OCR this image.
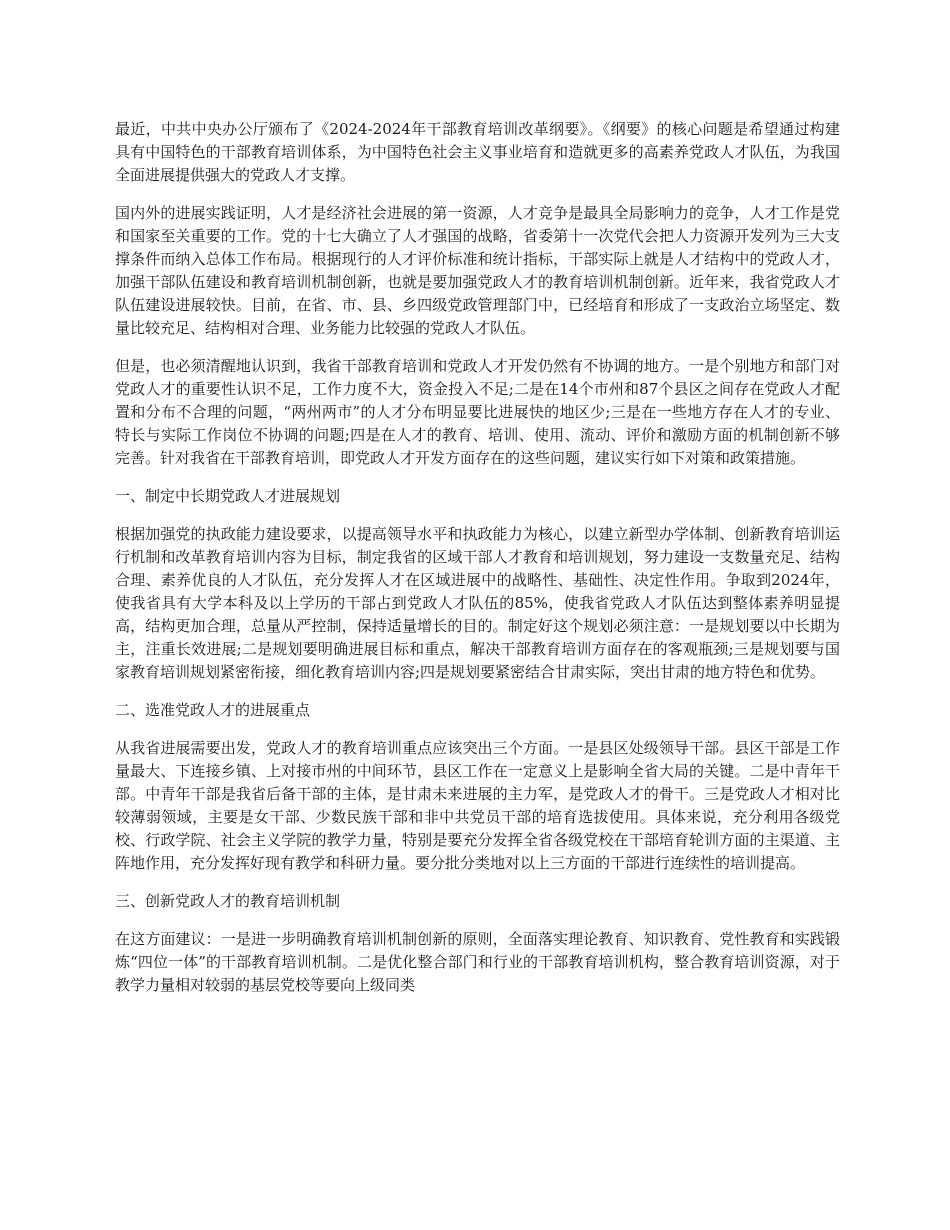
最近，中共中央办公厅颁布了《2024-2024年干部教育培训改革纲要》。《纲要》的核心问题是希望通过构建具有中国特色的干部教育培训体系，为中国特色社会主义事业培育和造就更多的高素养党政人才队伍，为我国全面进展提供强大的党政人才支撑。

国内外的进展实践证明，人才是经济社会进展的第一资源，人才竞争是最具全局影响力的竞争，人才工作是党和国家至关重要的工作。党的十七大确立了人才强国的战略，省委第十一次党代会把人力资源开发列为三大支撑条件而纳入总体工作布局。根据现行的人才评价标准和统计指标，干部实际上就是人才结构中的党政人才，加强干部队伍建设和教育培训机制创新，也就是要加强党政人才的教育培训机制创新。近年来，我省党政人才队伍建设进展较快。目前，在省、市、县、乡四级党政管理部门中，已经培育和形成了一支政治立场坚定、数量比较充足、结构相对合理、业务能力比较强的党政人才队伍。

但是，也必须清醒地认识到，我省干部教育培训和党政人才开发仍然有不协调的地方。一是个别地方和部门对党政人才的重要性认识不足，工作力度不大，资金投入不足;二是在14个市州和87个县区之间存在党政人才配置和分布不合理的问题，“两州两市”的人才分布明显要比进展快的地区少;三是在一些地方存在人才的专业、特长与实际工作岗位不协调的问题;四是在人才的教育、培训、使用、流动、评价和激励方面的机制创新不够完善。针对我省在干部教育培训，即党政人才开发方面存在的这些问题，建议实行如下对策和政策措施。

一、制定中长期党政人才进展规划

根据加强党的执政能力建设要求，以提高领导水平和执政能力为核心，以建立新型办学体制、创新教育培训运行机制和改革教育培训内容为目标，制定我省的区域干部人才教育和培训规划，努力建设一支数量充足、结构合理、素养优良的人才队伍，充分发挥人才在区域进展中的战略性、基础性、决定性作用。争取到2024年，使我省具有大学本科及以上学历的干部占到党政人才队伍的85%，使我省党政人才队伍达到整体素养明显提高，结构更加合理，总量从严控制，保持适量增长的目的。制定好这个规划必须注意：一是规划要以中长期为主，注重长效进展;二是规划要明确进展目标和重点，解决干部教育培训方面存在的客观瓶颈;三是规划要与国家教育培训规划紧密衔接，细化教育培训内容;四是规划要紧密结合甘肃实际，突出甘肃的地方特色和优势。

二、选准党政人才的进展重点

从我省进展需要出发，党政人才的教育培训重点应该突出三个方面。一是县区处级领导干部。县区干部是工作量最大、下连接乡镇、上对接市州的中间环节，县区工作在一定意义上是影响全省大局的关键。二是中青年干部。中青年干部是我省后备干部的主体，是甘肃未来进展的主力军，是党政人才的骨干。三是党政人才相对比较薄弱领域，主要是女干部、少数民族干部和非中共党员干部的培育选拔使用。具体来说，充分利用各级党校、行政学院、社会主义学院的教学力量，特别是要充分发挥全省各级党校在干部培育轮训方面的主渠道、主阵地作用，充分发挥好现有教学和科研力量。要分批分类地对以上三方面的干部进行连续性的培训提高。

三、创新党政人才的教育培训机制

在这方面建议：一是进一步明确教育培训机制创新的原则，全面落实理论教育、知识教育、党性教育和实践锻炼“四位一体”的干部教育培训机制。二是优化整合部门和行业的干部教育培训机构，整合教育培训资源，对于教学力量相对较弱的基层党校等要向上级同类
